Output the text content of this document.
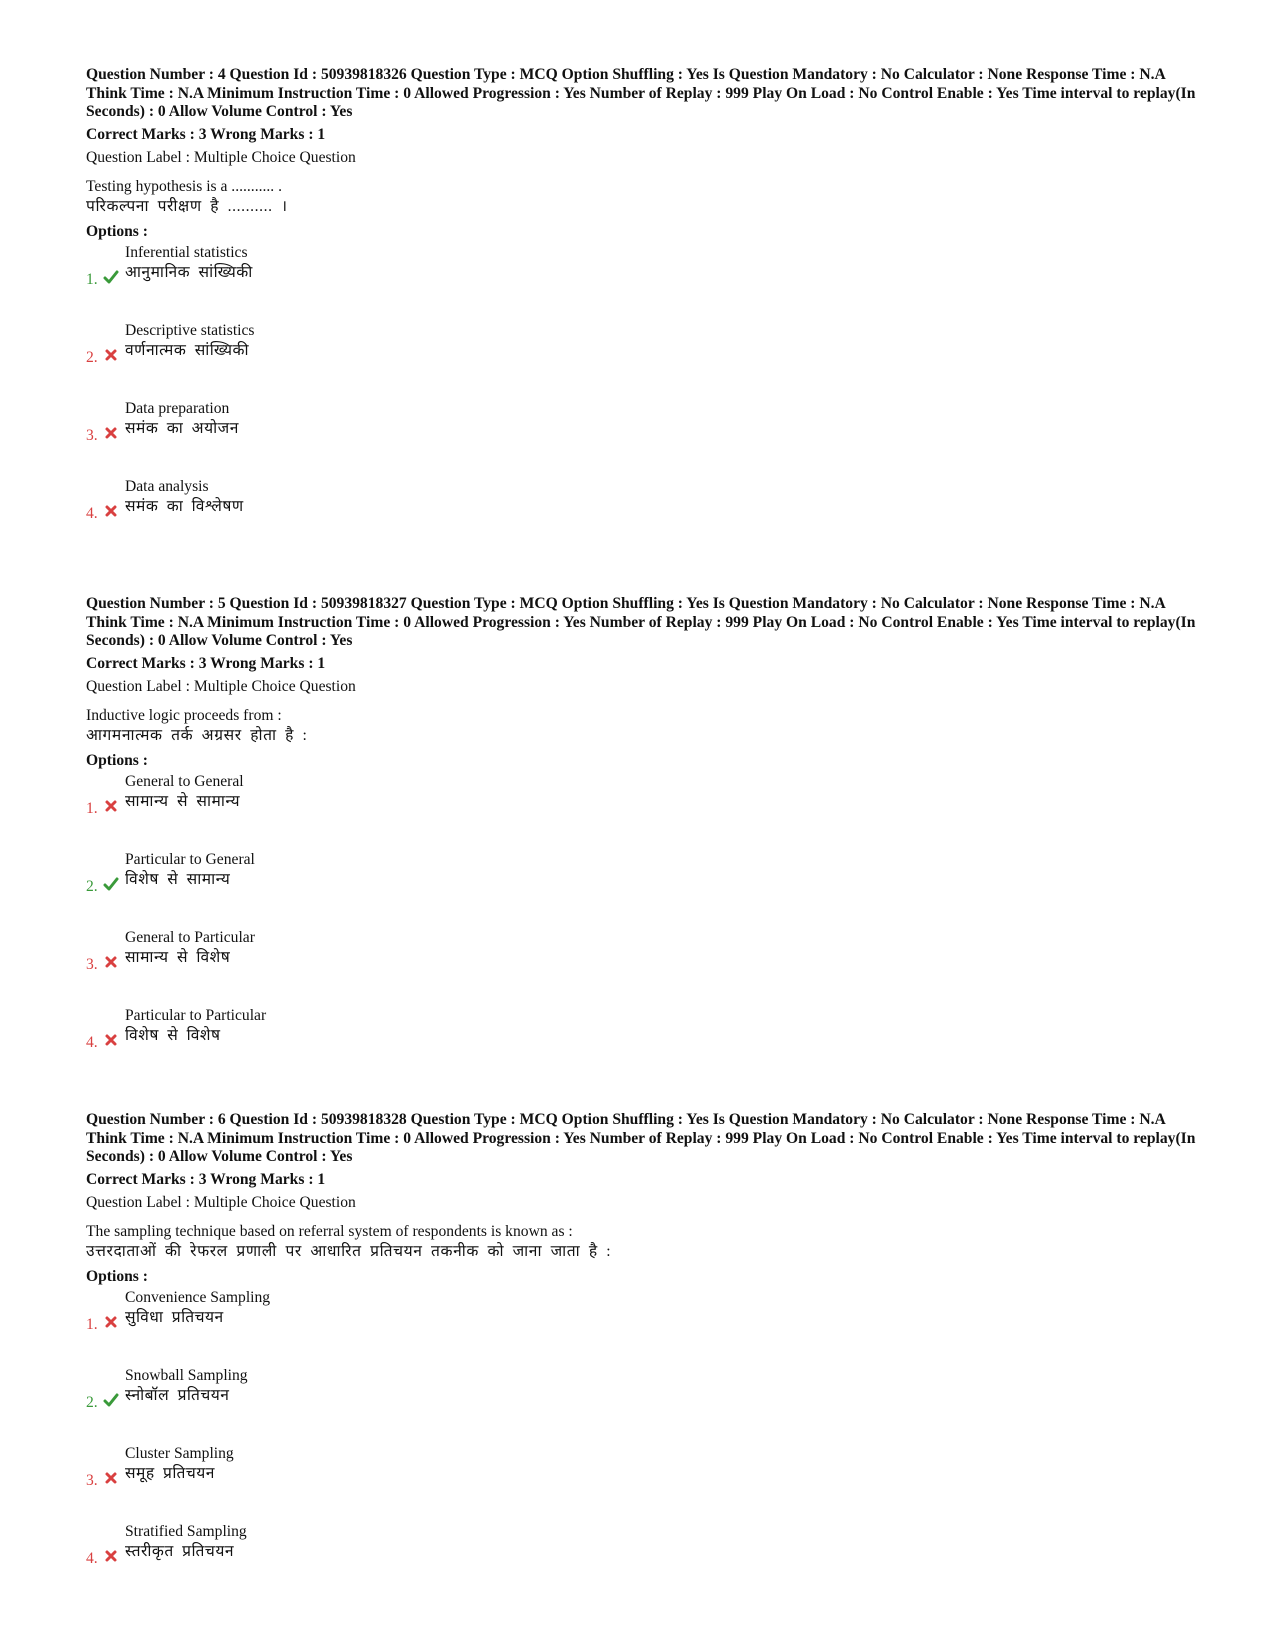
Question Number : 4 Question Id : 50939818326 Question Type : MCQ Option Shuffling : Yes Is Question Mandatory : No Calculator : None Response Time : N.A Think Time : N.A Minimum Instruction Time : 0 Allowed Progression : Yes Number of Replay : 999 Play On Load : No Control Enable : Yes Time interval to replay(In Seconds) : 0 Allow Volume Control : Yes

Correct Marks : 3 Wrong Marks : 1
Question Label : Multiple Choice Question
Testing hypothesis is a ........... .
परिकल्पना परीक्षण है .......... ।
Options :
1.
Inferential statistics
आनुमानिक सांख्यिकी
2.
Descriptive statistics
वर्णनात्मक सांख्यिकी
3.
Data preparation
समंक का अयोजन
4.
Data analysis
समंक का विश्लेषण

Question Number : 5 Question Id : 50939818327 Question Type : MCQ Option Shuffling : Yes Is Question Mandatory : No Calculator : None Response Time : N.A Think Time : N.A Minimum Instruction Time : 0 Allowed Progression : Yes Number of Replay : 999 Play On Load : No Control Enable : Yes Time interval to replay(In Seconds) : 0 Allow Volume Control : Yes

Correct Marks : 3 Wrong Marks : 1
Question Label : Multiple Choice Question
Inductive logic proceeds from :
आगमनात्मक तर्क अग्रसर होता है :
Options :
1.
General to General
सामान्य से सामान्य
2.
Particular to General
विशेष से सामान्य
3.
General to Particular
सामान्य से विशेष
4.
Particular to Particular
विशेष से विशेष

Question Number : 6 Question Id : 50939818328 Question Type : MCQ Option Shuffling : Yes Is Question Mandatory : No Calculator : None Response Time : N.A Think Time : N.A Minimum Instruction Time : 0 Allowed Progression : Yes Number of Replay : 999 Play On Load : No Control Enable : Yes Time interval to replay(In Seconds) : 0 Allow Volume Control : Yes

Correct Marks : 3 Wrong Marks : 1
Question Label : Multiple Choice Question
The sampling technique based on referral system of respondents is known as :
उत्तरदाताओं की रेफरल प्रणाली पर आधारित प्रतिचयन तकनीक को जाना जाता है :
Options :
1.
Convenience Sampling
सुविधा प्रतिचयन
2.
Snowball Sampling
स्नोबॉल प्रतिचयन
3.
Cluster Sampling
समूह प्रतिचयन
4.
Stratified Sampling
स्तरीकृत प्रतिचयन
